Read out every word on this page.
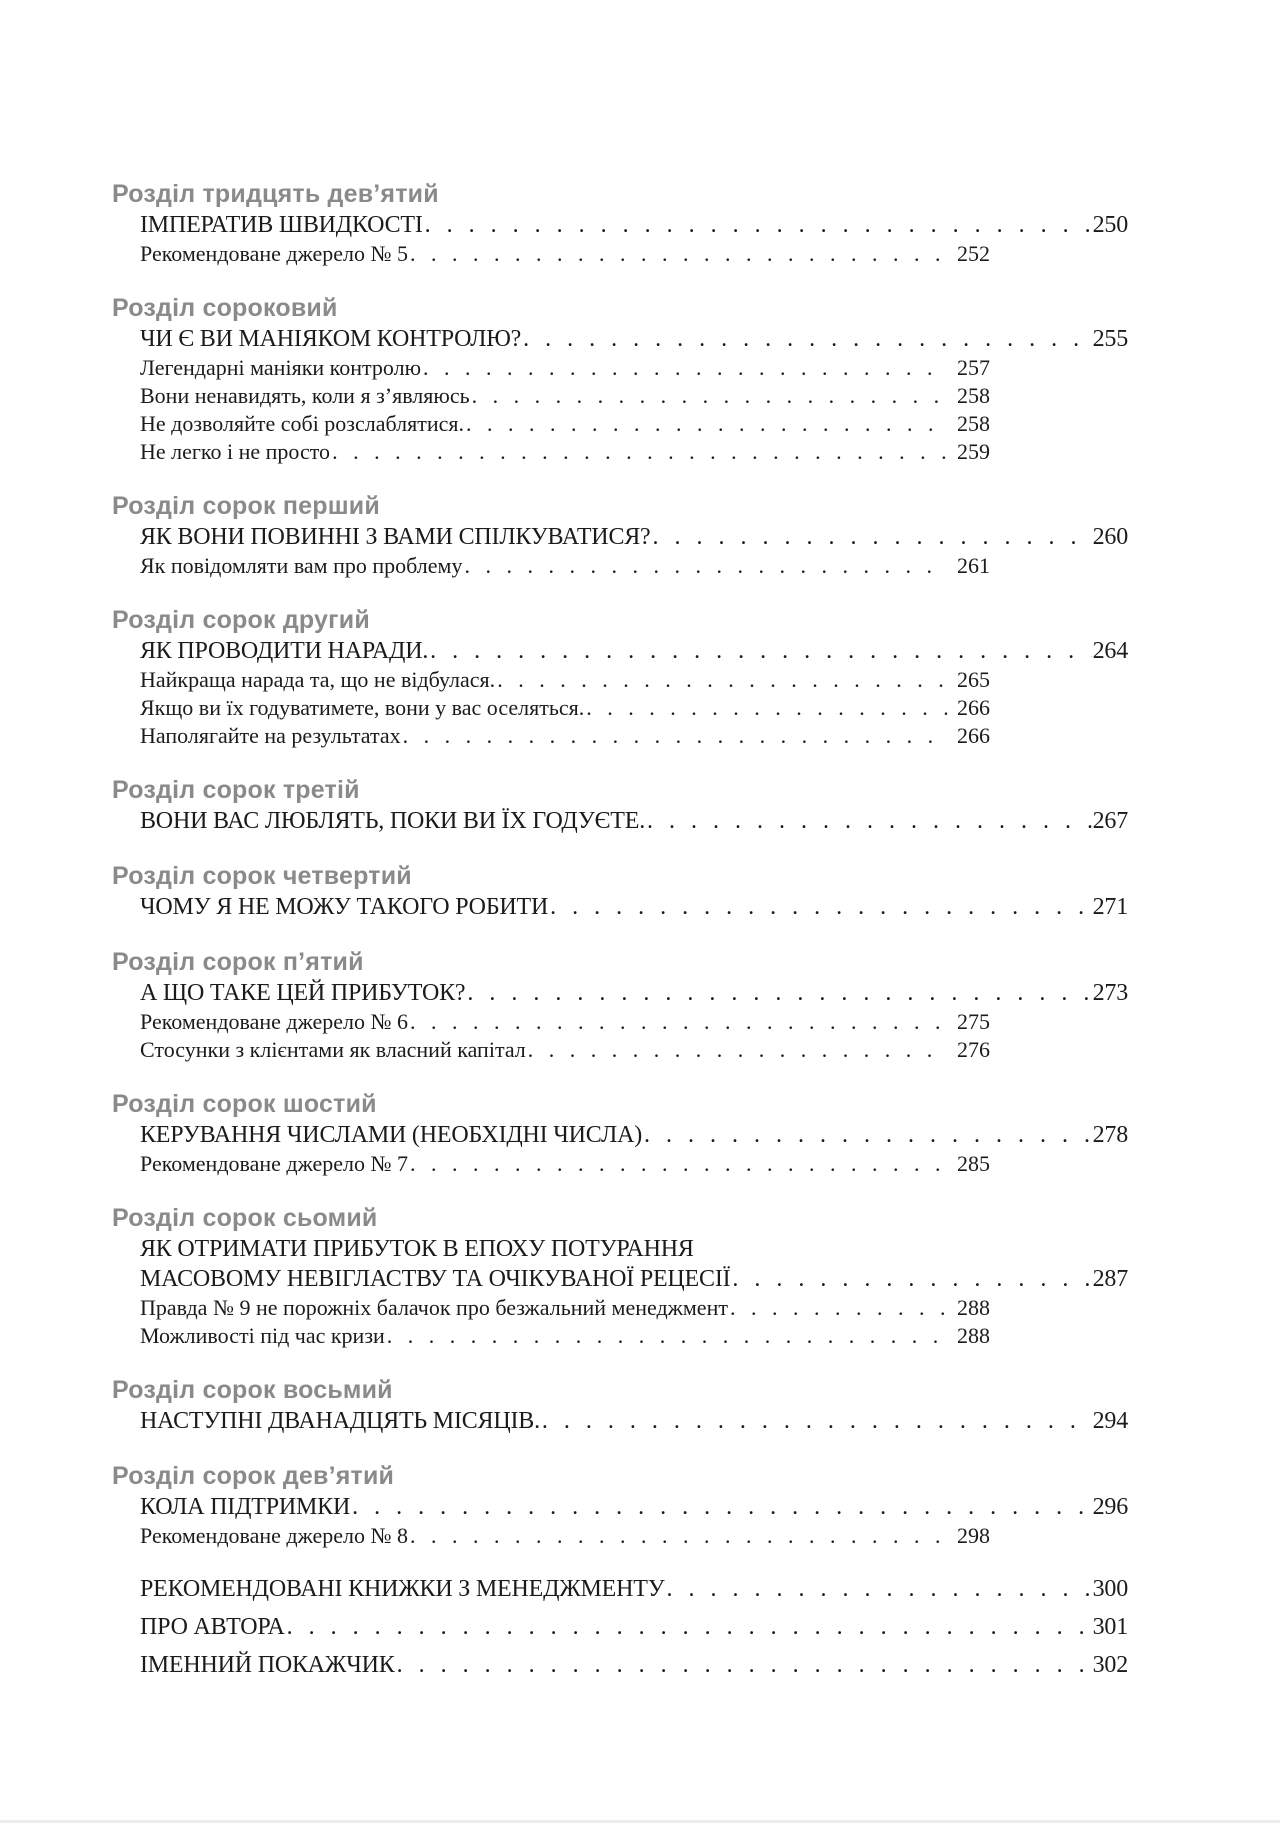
Розділ тридцять дев’ятий
ІМПЕРАТИВ ШВИДКОСТІ . . .	250
Рекомендоване джерело № 5 . . .	252
Розділ сороковий
ЧИ Є ВИ МАНІЯКОМ КОНТРОЛЮ? . . .	255
Легендарні маніяки контролю . . .	257
Вони ненавидять, коли я з’являюсь . . .	258
Не дозволяйте собі розслаблятися. . . .	258
Не легко і не просто . . .	259
Розділ сорок перший
ЯК ВОНИ ПОВИННІ З ВАМИ СПІЛКУВАТИСЯ? . . .	260
Як повідомляти вам про проблему . . .	261
Розділ сорок другий
ЯК ПРОВОДИТИ НАРАДИ. . . .	264
Найкраща нарада та, що не відбулася. . . .	265
Якщо ви їх годуватимете, вони у вас оселяться. . . .	266
Наполягайте на результатах . . .	266
Розділ сорок третій
ВОНИ ВАС ЛЮБЛЯТЬ, ПОКИ ВИ ЇХ ГОДУЄТЕ. . . .	267
Розділ сорок четвертий
ЧОМУ Я НЕ МОЖУ ТАКОГО РОБИТИ . . .	271
Розділ сорок п’ятий
А ЩО ТАКЕ ЦЕЙ ПРИБУТОК? . . .	273
Рекомендоване джерело № 6 . . .	275
Стосунки з клієнтами як власний капітал . . .	276
Розділ сорок шостий
КЕРУВАННЯ ЧИСЛАМИ (НЕОБХІДНІ ЧИСЛА) . . .	278
Рекомендоване джерело № 7 . . .	285
Розділ сорок сьомий
ЯК ОТРИМАТИ ПРИБУТОК В ЕПОХУ ПОТУРАННЯ
МАСОВОМУ НЕВІГЛАСТВУ ТА ОЧІКУВАНОЇ РЕЦЕСІЇ . . .	287
Правда № 9 не порожніх балачок про безжальний менеджмент . . .	288
Можливості під час кризи . . .	288
Розділ сорок восьмий
НАСТУПНІ ДВАНАДЦЯТЬ МІСЯЦІВ. . . .	294
Розділ сорок дев’ятий
КОЛА ПІДТРИМКИ . . .	296
Рекомендоване джерело № 8 . . .	298
РЕКОМЕНДОВАНІ КНИЖКИ З МЕНЕДЖМЕНТУ . . .	300
ПРО АВТОРА . . .	301
ІМЕННИЙ ПОКАЖЧИК . . .	302
